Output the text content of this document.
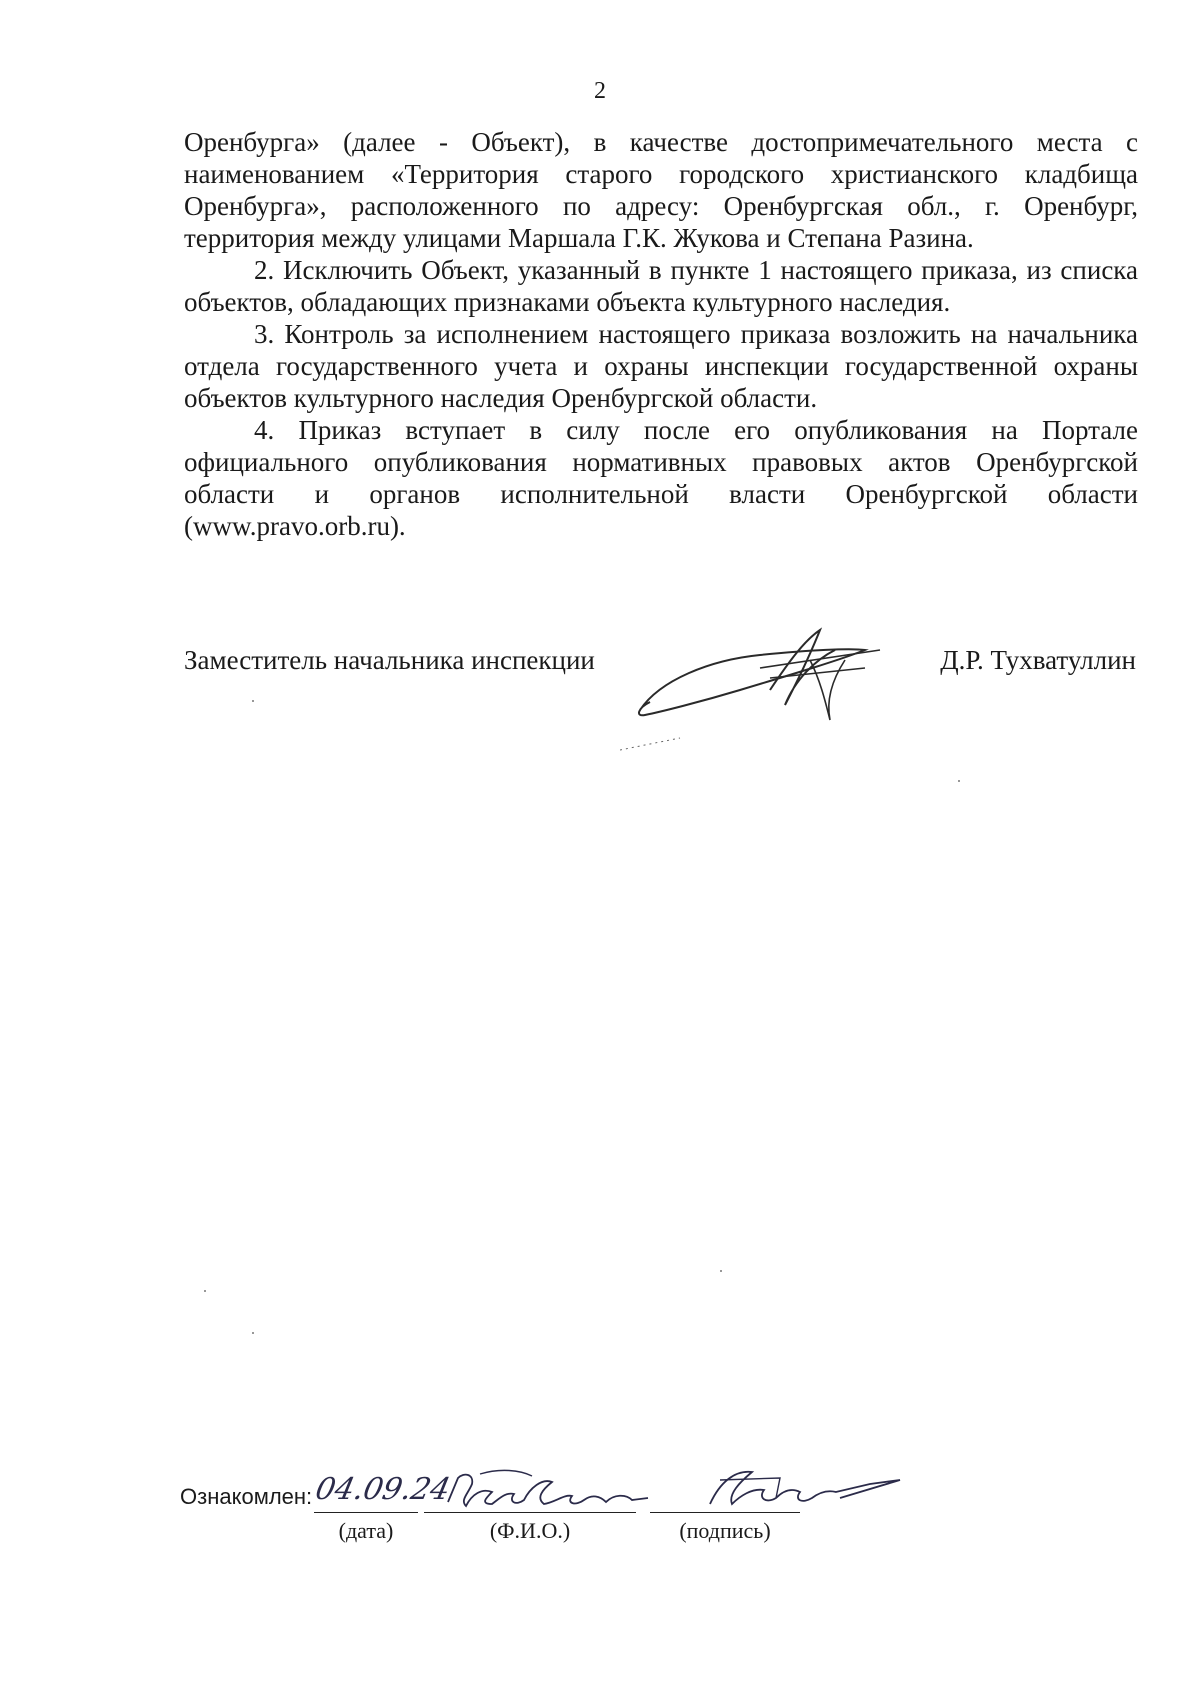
2

Оренбурга» (далее - Объект), в качестве достопримечательного места с наименованием «Территория старого городского христианского кладбища Оренбурга», расположенного по адресу: Оренбургская обл., г. Оренбург, территория между улицами Маршала Г.К. Жукова и Степана Разина.

2. Исключить Объект, указанный в пункте 1 настоящего приказа, из списка объектов, обладающих признаками объекта культурного наследия.

3. Контроль за исполнением настоящего приказа возложить на начальника отдела государственного учета и охраны инспекции государственной охраны объектов культурного наследия Оренбургской области.

4. Приказ вступает в силу после его опубликования на Портале официального опубликования нормативных правовых актов Оренбургской области и органов исполнительной власти Оренбургской области (www.pravo.orb.ru).

Заместитель начальника инспекции	Д.Р. Тухватуллин
Ознакомлен: 04.09.24
(дата)	(Ф.И.О.)	(подпись)
